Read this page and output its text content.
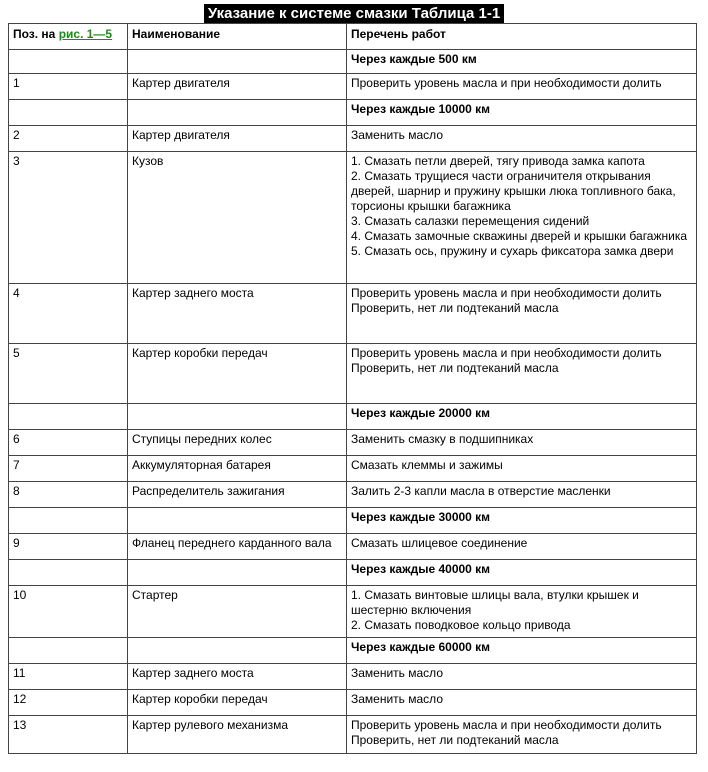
Указание к системе смазки Таблица 1-1
Поз. на рис. 1—5	Наименование	Перечень работ
		Через каждые 500 км
1	Картер двигателя	Проверить уровень масла и при необходимости долить

		Через каждые 10000 км
2	Картер двигателя	Заменить масло

3	Кузов	1. Смазать петли дверей, тягу привода замка капота
2. Смазать трущиеся части ограничителя открывания дверей, шарнир и пружину крышки люка топливного бака, торсионы крышки багажника
3. Смазать салазки перемещения сидений
4. Смазать замочные скважины дверей и крышки багажника
5. Смазать ось, пружину и сухарь фиксатора замка двери

4	Картер заднего моста	Проверить уровень масла и при необходимости долить
Проверить, нет ли подтеканий масла

5	Картер коробки передач	Проверить уровень масла и при необходимости долить
Проверить, нет ли подтеканий масла

		Через каждые 20000 км
6	Ступицы передних колес	Заменить смазку в подшипниках

7	Аккумуляторная батарея	Смазать клеммы и зажимы

8	Распределитель зажигания	Залить 2-3 капли масла в отверстие масленки

		Через каждые 30000 км
9	Фланец переднего карданного вала	Смазать шлицевое соединение

		Через каждые 40000 км
10	Стартер	1. Смазать винтовые шлицы вала, втулки крышек и шестерню включения
2. Смазать поводковое кольцо привода

		Через каждые 60000 км
11	Картер заднего моста	Заменить масло

12	Картер коробки передач	Заменить масло

13	Картер рулевого механизма	Проверить уровень масла и при необходимости долить
Проверить, нет ли подтеканий масла
